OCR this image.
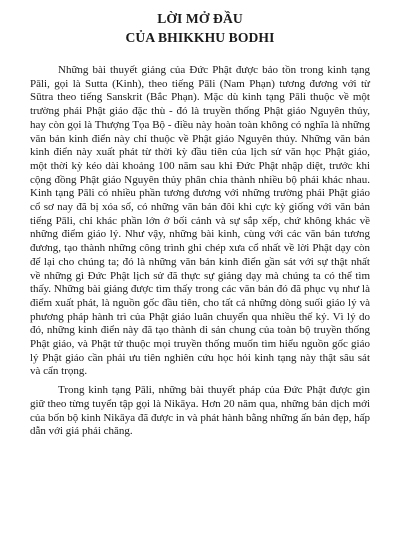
LỜI MỞ ĐẦU
CỦA BHIKKHU BODHI

Những bài thuyết giảng của Đức Phật được bảo tồn trong kinh tạng Pāli, gọi là Sutta (Kinh), theo tiếng Pāli (Nam Phạn) tương đương với từ Sūtra theo tiếng Sanskrit (Bắc Phạn). Mặc dù kinh tạng Pāli thuộc về một trường phái Phật giáo đặc thù - đó là truyền thống Phật giáo Nguyên thủy, hay còn gọi là Thượng Tọa Bộ - điều này hoàn toàn không có nghĩa là những văn bản kinh điển này chỉ thuộc về Phật giáo Nguyên thủy. Những văn bản kinh điển này xuất phát từ thời kỳ đầu tiên của lịch sử văn học Phật giáo, một thời kỳ kéo dài khoảng 100 năm sau khi Đức Phật nhập diệt, trước khi cộng đồng Phật giáo Nguyên thủy phân chia thành nhiều bộ phái khác nhau. Kinh tạng Pāli có nhiều phần tương đương với những trường phái Phật giáo cổ sơ nay đã bị xóa sổ, có những văn bản đôi khi cực kỳ giống với văn bản tiếng Pāli, chỉ khác phần lớn ở bối cảnh và sự sắp xếp, chứ không khác về những điểm giáo lý. Như vậy, những bài kinh, cùng với các văn bản tương đương, tạo thành những công trình ghi chép xưa cổ nhất về lời Phật dạy còn để lại cho chúng ta; đó là những văn bản kinh điển gần sát với sự thật nhất về những gì Đức Phật lịch sử đã thực sự giảng dạy mà chúng ta có thể tìm thấy. Những bài giảng được tìm thấy trong các văn bản đó đã phục vụ như là điểm xuất phát, là nguồn gốc đầu tiên, cho tất cả những dòng suối giáo lý và phương pháp hành trì của Phật giáo luân chuyển qua nhiều thế kỷ. Vì lý do đó, những kinh điển này đã tạo thành di sản chung của toàn bộ truyền thống Phật giáo, và Phật tử thuộc mọi truyền thống muốn tìm hiểu nguồn gốc giáo lý Phật giáo cần phải ưu tiên nghiên cứu học hỏi kinh tạng này thật sâu sát và cẩn trọng.

Trong kinh tạng Pāli, những bài thuyết pháp của Đức Phật được gìn giữ theo từng tuyển tập gọi là Nikāya. Hơn 20 năm qua, những bản dịch mới của bốn bộ kinh Nikāya đã được in và phát hành bằng những ấn bản đẹp, hấp dẫn với giá phải chăng.
